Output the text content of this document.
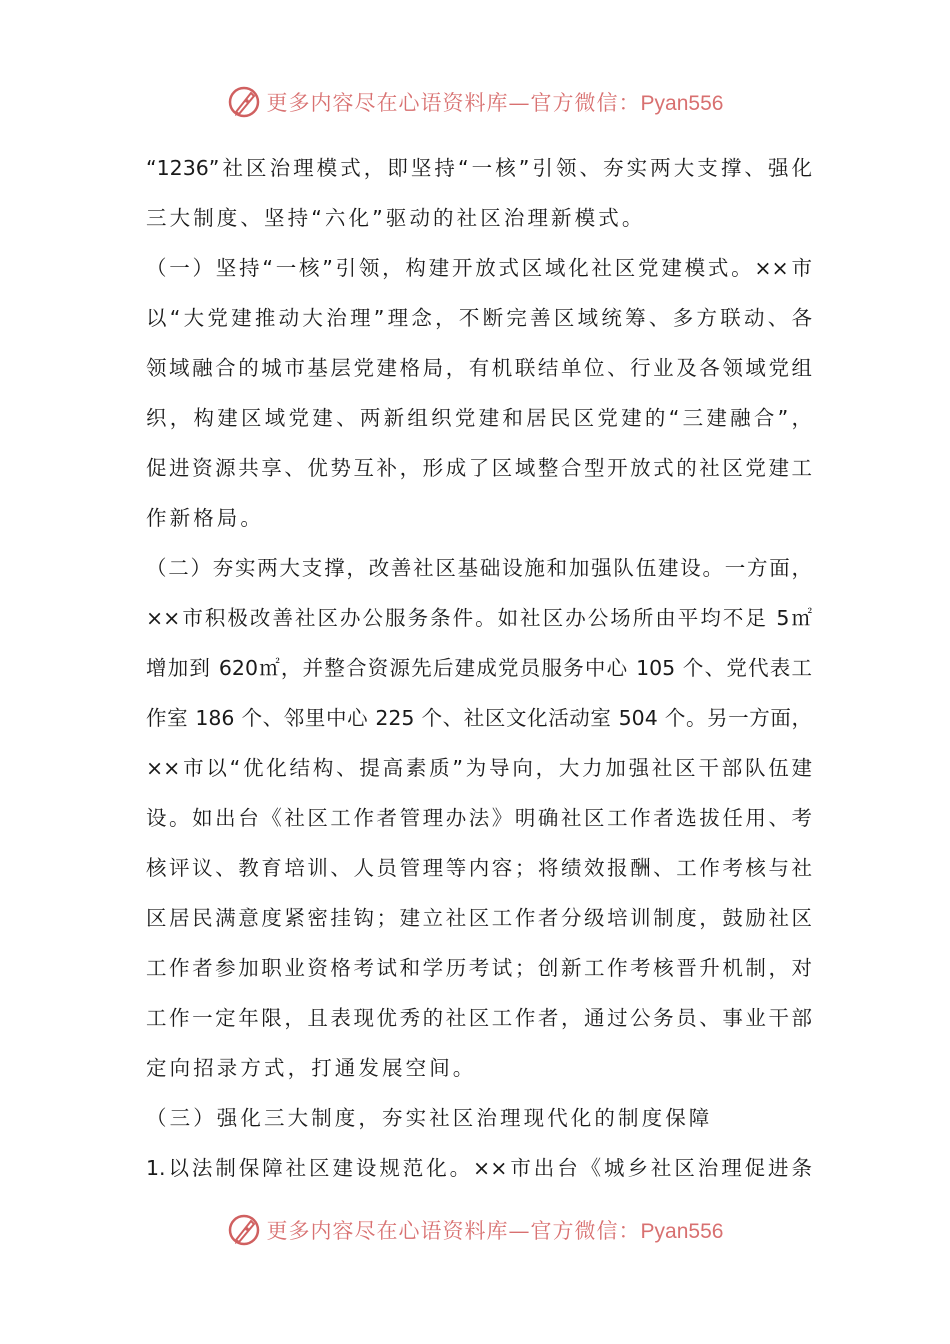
更多内容尽在心语资料库—官方微信：Pyan556
“1236”社区治理模式，即坚持“一核”引领、夯实两大支撑、强化
三大制度、坚持“六化”驱动的社区治理新模式。
（一）坚持“一核”引领，构建开放式区域化社区党建模式。××市
以“大党建推动大治理”理念，不断完善区域统筹、多方联动、各
领域融合的城市基层党建格局，有机联结单位、行业及各领域党组
织，构建区域党建、两新组织党建和居民区党建的“三建融合”，
促进资源共享、优势互补，形成了区域整合型开放式的社区党建工
作新格局。
（二）夯实两大支撑，改善社区基础设施和加强队伍建设。一方面，
××市积极改善社区办公服务条件。如社区办公场所由平均不足 5㎡
增加到 620㎡，并整合资源先后建成党员服务中心 105 个、党代表工
作室 186 个、邻里中心 225 个、社区文化活动室 504 个。另一方面，
××市以“优化结构、提高素质”为导向，大力加强社区干部队伍建
设。如出台《社区工作者管理办法》明确社区工作者选拔任用、考
核评议、教育培训、人员管理等内容；将绩效报酬、工作考核与社
区居民满意度紧密挂钩；建立社区工作者分级培训制度，鼓励社区
工作者参加职业资格考试和学历考试；创新工作考核晋升机制，对
工作一定年限，且表现优秀的社区工作者，通过公务员、事业干部
定向招录方式，打通发展空间。
（三）强化三大制度，夯实社区治理现代化的制度保障
1.以法制保障社区建设规范化。××市出台《城乡社区治理促进条
更多内容尽在心语资料库—官方微信：Pyan556
